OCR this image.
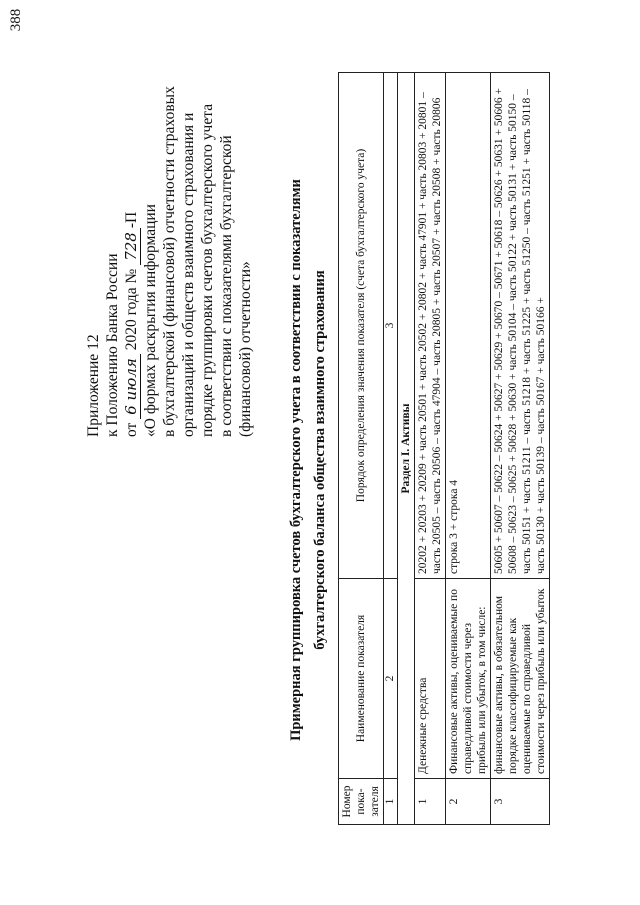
388
Приложение 12 к Положению Банка России от 6 июля 2020 года № 728-П «О формах раскрытия информации в бухгалтерской (финансовой) отчетности страховых организаций и обществ взаимного страхования и порядке группировки счетов бухгалтерского учета в соответствии с показателями бухгалтерской (финансовой) отчетности» Примерная группировка счетов бухгалтерского учета в соответствии с показателями бухгалтерского баланса общества взаимного страхования
Номер пока-зателя	Наименование показателя	Порядок определения значения показателя (счета бухгалтерского учета)
1	2	3
Раздел I. Активы		
1	Денежные средства	20202 + 20203 + 20209 + часть 20501 + часть 20502 + 20802 + часть 47901 + часть 20803 + 20801 – часть 20505 – часть 20506 – часть 47904 – часть 20805 + часть 20507 + часть 20508 + часть 20806
2	Финансовые активы, оцениваемые по справедливой стоимости через прибыль или убыток, в том числе:	строка 3 + строка 4
3	финансовые активы, в обязательном порядке классифицируемые как оцениваемые по справедливой стоимости через прибыль или убыток	50605 + 50607 – 50622 – 50624 + 50627 + 50629 + 50670 – 50671 + 50618 – 50626 + 50631 + 50606 + 50608 – 50623 – 50625 + 50628 + 50630 + часть 50104 – часть 50122 + часть 50131 + часть 50150 – часть 50151 + часть 51211 – часть 51218 + часть 51225 + часть 51250 – часть 51251 + часть 50118 – часть 50130 + часть 50139 – часть 50167 + часть 50166 +
